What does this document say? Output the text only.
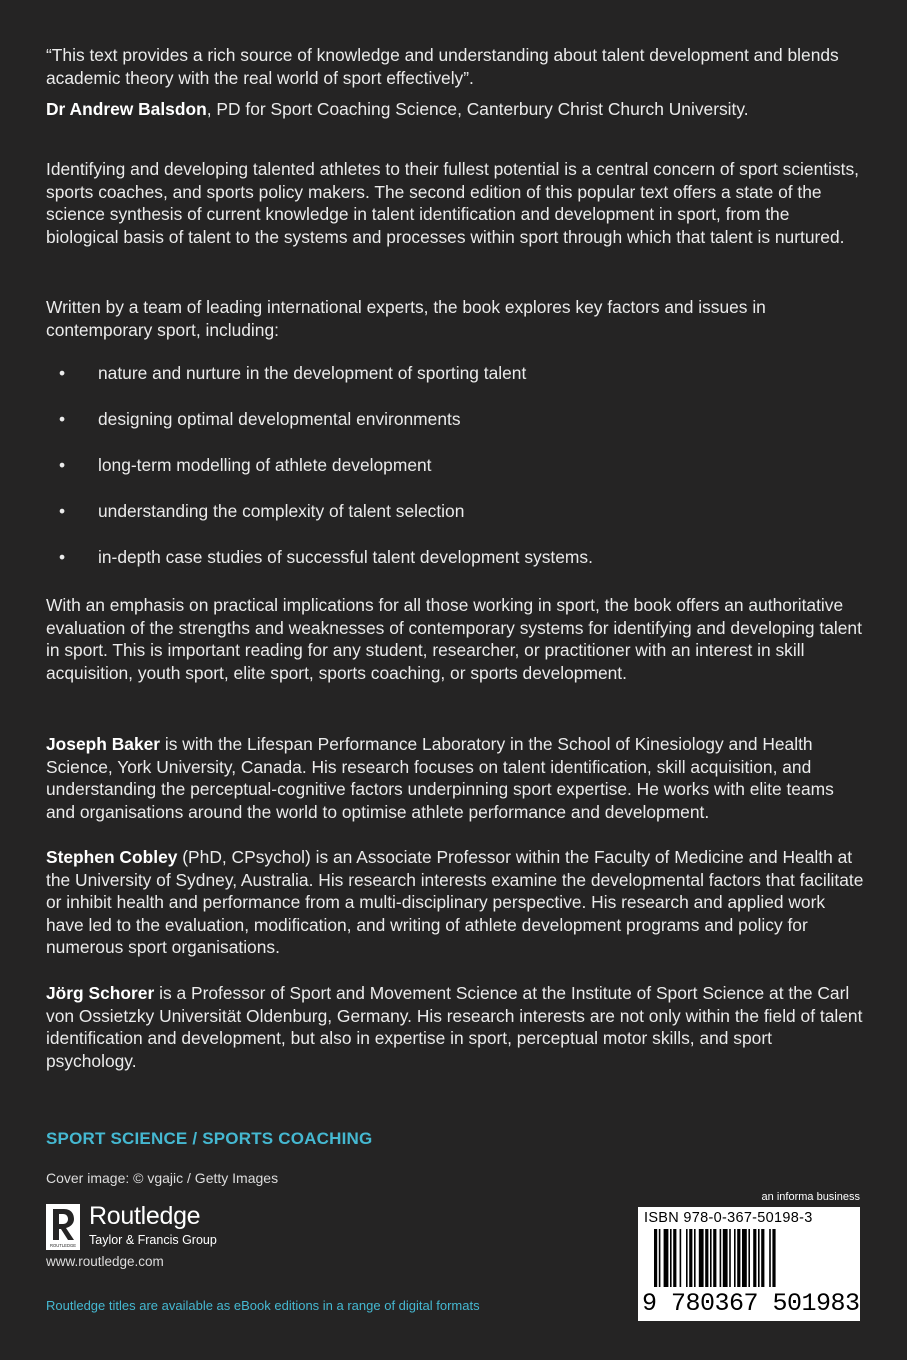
“This text provides a rich source of knowledge and understanding about talent development and blends academic theory with the real world of sport effectively”.

Dr Andrew Balsdon, PD for Sport Coaching Science, Canterbury Christ Church University.

Identifying and developing talented athletes to their fullest potential is a central concern of sport scientists, sports coaches, and sports policy makers. The second edition of this popular text offers a state of the science synthesis of current knowledge in talent identification and development in sport, from the biological basis of talent to the systems and processes within sport through which that talent is nurtured.

Written by a team of leading international experts, the book explores key factors and issues in contemporary sport, including:

• nature and nurture in the development of sporting talent
• designing optimal developmental environments
• long-term modelling of athlete development
• understanding the complexity of talent selection
• in-depth case studies of successful talent development systems.

With an emphasis on practical implications for all those working in sport, the book offers an authoritative evaluation of the strengths and weaknesses of contemporary systems for identifying and developing talent in sport. This is important reading for any student, researcher, or practitioner with an interest in skill acquisition, youth sport, elite sport, sports coaching, or sports development.

Joseph Baker is with the Lifespan Performance Laboratory in the School of Kinesiology and Health Science, York University, Canada. His research focuses on talent identification, skill acquisition, and understanding the perceptual-cognitive factors underpinning sport expertise. He works with elite teams and organisations around the world to optimise athlete performance and development.

Stephen Cobley (PhD, CPsychol) is an Associate Professor within the Faculty of Medicine and Health at the University of Sydney, Australia. His research interests examine the developmental factors that facilitate or inhibit health and performance from a multi-disciplinary perspective. His research and applied work have led to the evaluation, modification, and writing of athlete development programs and policy for numerous sport organisations.

Jörg Schorer is a Professor of Sport and Movement Science at the Institute of Sport Science at the Carl von Ossietzky Universität Oldenburg, Germany. His research interests are not only within the field of talent identification and development, but also in expertise in sport, perceptual motor skills, and sport psychology.

SPORT SCIENCE / SPORTS COACHING
Cover image: © vgajic / Getty Images
ROUTLEDGE
Routledge
Taylor & Francis Group
www.routledge.com
Routledge titles are available as eBook editions in a range of digital formats
an informa business
ISBN 978-0-367-50198-3
9 780367 501983
